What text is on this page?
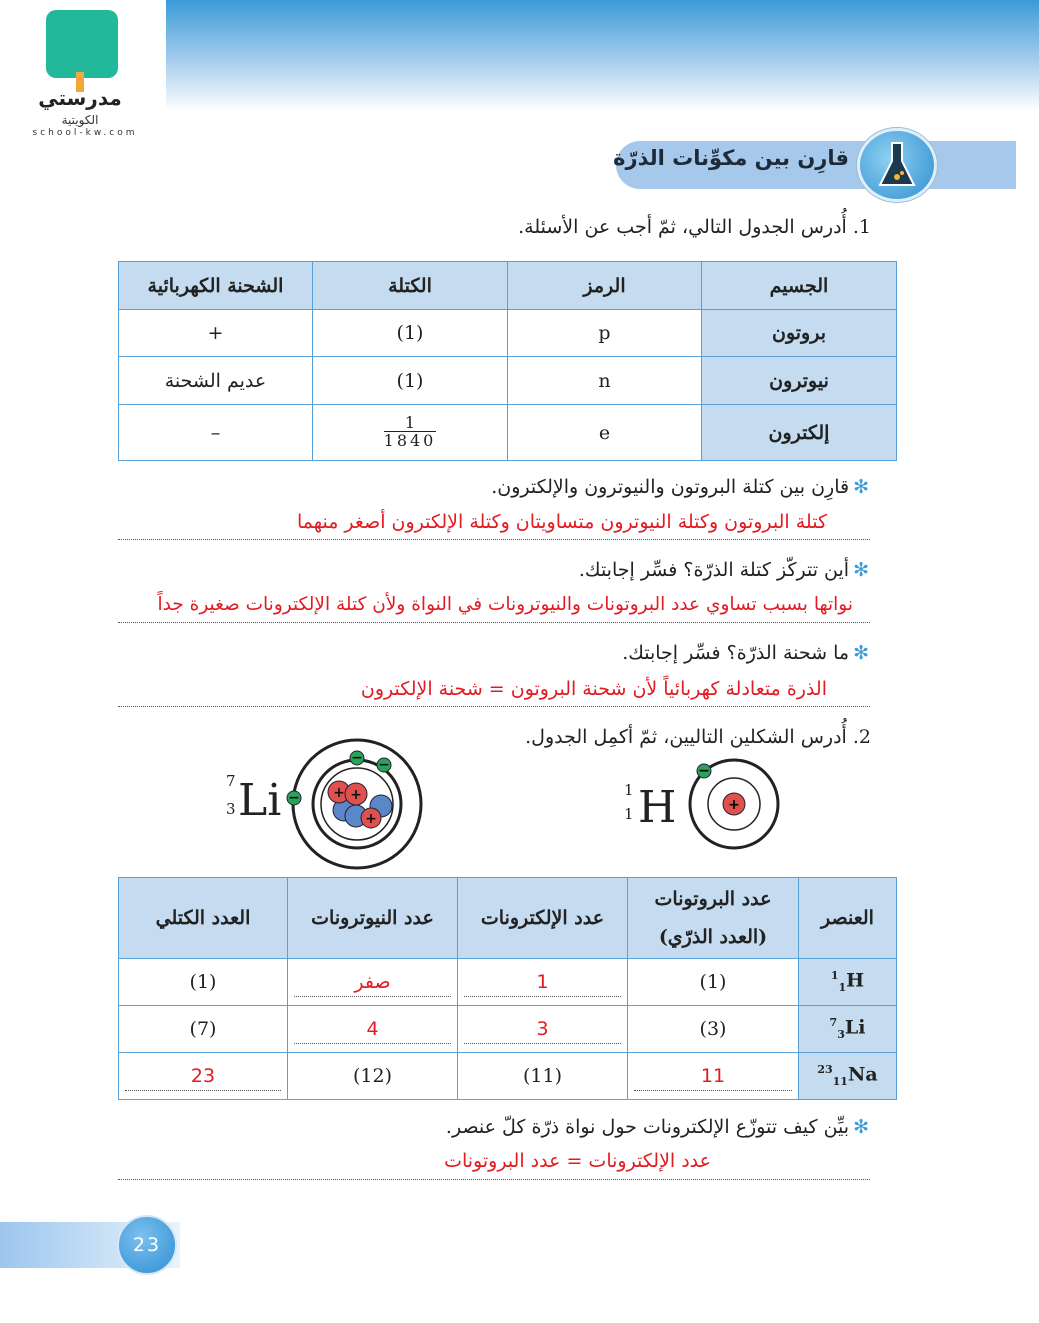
مدرستي
الكويتية
school-kw.com
قارِن بين مكوِّنات الذرّة
1. أُدرس الجدول التالي، ثمّ أجب عن الأسئلة.
الجسيم	الرمز	الكتلة	الشحنة الكهربائية
بروتون	p	(1)	+
نيوترون	n	(1)	عديم الشحنة
إلكترون	e	$\frac{1}{1840}$	–
✻قارِن بين كتلة البروتون والنيوترون والإلكترون.
كتلة البروتون وكتلة النيوترون متساويتان وكتلة الإلكترون أصغر منهما
✻أين تتركّز كتلة الذرّة؟ فسِّر إجابتك.
نواتها بسبب تساوي عدد البروتونات والنيوترونات في النواة ولأن كتلة الإلكترونات صغيرة جداً
✻ما شحنة الذرّة؟ فسِّر إجابتك.
الذرة متعادلة كهربائياً لأن شحنة البروتون = شحنة الإلكترون
2. أُدرس الشكلين التاليين، ثمّ أكمِل الجدول.
7
3 Li	+ +
+
− −
−	1
1 H	+
−
العنصر	عدد البروتونات (العدد الذرّي)	عدد الإلكترونات	عدد النيوترونات	العدد الكتلي
$^1_1$H	(1)	1	صفر	(1)
$^7_3$Li	(3)	3	4	(7)
$^{23}_{11}$Na	11	(11)	(12)	23
✻بيِّن كيف تتوزّع الإلكترونات حول نواة ذرّة كلّ عنصر.
عدد الإلكترونات = عدد البروتونات
23
